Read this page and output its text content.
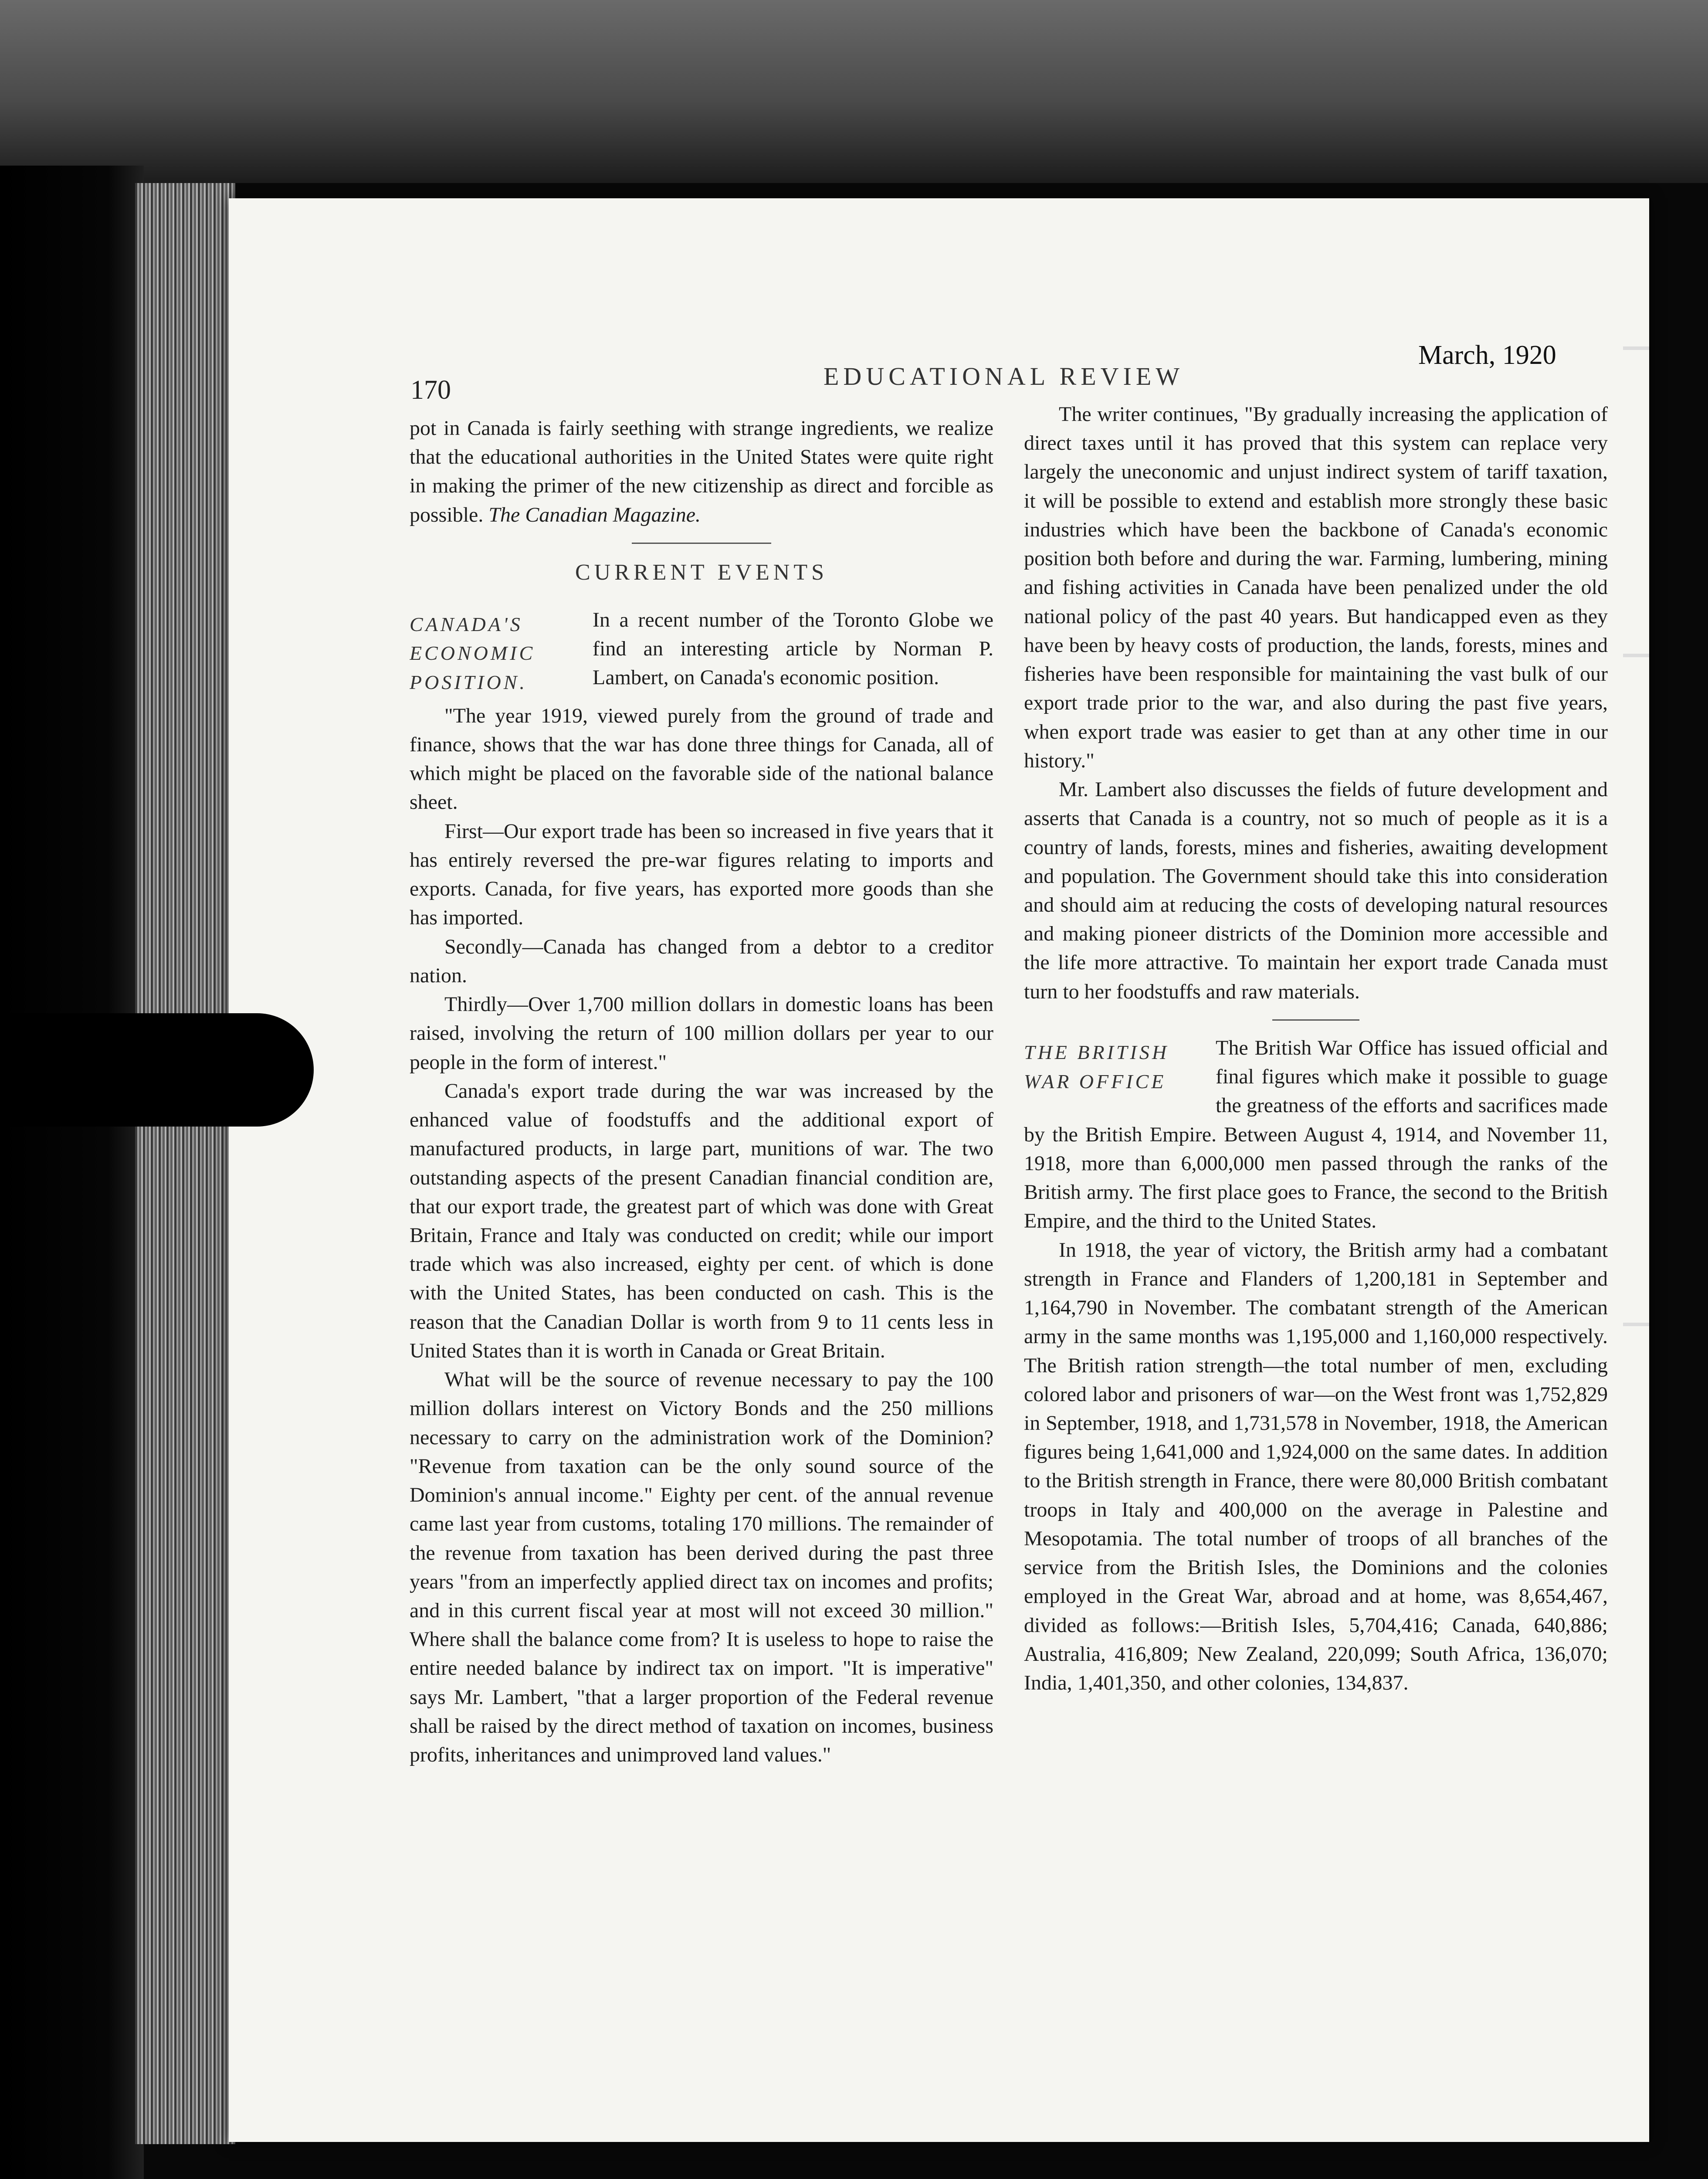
170	EDUCATIONAL REVIEW
March, 1920

pot in Canada is fairly seething with strange ingredients, we realize that the educational authorities in the United States were quite right in making the primer of the new citizenship as direct and forcible as possible. The Canadian Magazine.

CURRENT EVENTS
CANADA'S
ECONOMIC
POSITION.

In a recent number of the Toronto Globe we find an interesting article by Norman P. Lambert, on Canada's economic position.

"The year 1919, viewed purely from the ground of trade and finance, shows that the war has done three things for Canada, all of which might be placed on the favorable side of the national balance sheet.

First—Our export trade has been so increased in five years that it has entirely reversed the pre-war figures relating to imports and exports. Canada, for five years, has exported more goods than she has imported.

Secondly—Canada has changed from a debtor to a creditor nation.

Thirdly—Over 1,700 million dollars in domestic loans has been raised, involving the return of 100 million dollars per year to our people in the form of interest."

Canada's export trade during the war was increased by the enhanced value of foodstuffs and the additional export of manufactured products, in large part, munitions of war. The two outstanding aspects of the present Canadian financial condition are, that our export trade, the greatest part of which was done with Great Britain, France and Italy was conducted on credit; while our import trade which was also increased, eighty per cent. of which is done with the United States, has been conducted on cash. This is the reason that the Canadian Dollar is worth from 9 to 11 cents less in United States than it is worth in Canada or Great Britain.

What will be the source of revenue necessary to pay the 100 million dollars interest on Victory Bonds and the 250 millions necessary to carry on the administration work of the Dominion? "Revenue from taxation can be the only sound source of the Dominion's annual income." Eighty per cent. of the annual revenue came last year from customs, totaling 170 millions. The remainder of the revenue from taxation has been derived during the past three years "from an imperfectly applied direct tax on incomes and profits; and in this current fiscal year at most will not exceed 30 million." Where shall the balance come from? It is useless to hope to raise the entire needed balance by indirect tax on import. "It is imperative" says Mr. Lambert, "that a larger proportion of the Federal revenue shall be raised by the direct method of taxation on incomes, business profits, inheritances and unimproved land values."

The writer continues, "By gradually increasing the application of direct taxes until it has proved that this system can replace very largely the uneconomic and unjust indirect system of tariff taxation, it will be possible to extend and establish more strongly these basic industries which have been the backbone of Canada's economic position both before and during the war. Farming, lumbering, mining and fishing activities in Canada have been penalized under the old national policy of the past 40 years. But handicapped even as they have been by heavy costs of production, the lands, forests, mines and fisheries have been responsible for maintaining the vast bulk of our export trade prior to the war, and also during the past five years, when export trade was easier to get than at any other time in our history."

Mr. Lambert also discusses the fields of future development and asserts that Canada is a country, not so much of people as it is a country of lands, forests, mines and fisheries, awaiting development and population. The Government should take this into consideration and should aim at reducing the costs of developing natural resources and making pioneer districts of the Dominion more accessible and the life more attractive. To maintain her export trade Canada must turn to her foodstuffs and raw materials.

THE BRITISH
WAR OFFICE

The British War Office has issued official and final figures which make it possible to guage the greatness of the efforts and sacrifices made by the British Empire. Between August 4, 1914, and November 11, 1918, more than 6,000,000 men passed through the ranks of the British army. The first place goes to France, the second to the British Empire, and the third to the United States.

In 1918, the year of victory, the British army had a combatant strength in France and Flanders of 1,200,181 in September and 1,164,790 in November. The combatant strength of the American army in the same months was 1,195,000 and 1,160,000 respectively. The British ration strength—the total number of men, excluding colored labor and prisoners of war—on the West front was 1,752,829 in September, 1918, and 1,731,578 in November, 1918, the American figures being 1,641,000 and 1,924,000 on the same dates. In addition to the British strength in France, there were 80,000 British combatant troops in Italy and 400,000 on the average in Palestine and Mesopotamia. The total number of troops of all branches of the service from the British Isles, the Dominions and the colonies employed in the Great War, abroad and at home, was 8,654,467, divided as follows:—British Isles, 5,704,416; Canada, 640,886; Australia, 416,809; New Zealand, 220,099; South Africa, 136,070; India, 1,401,350, and other colonies, 134,837.
